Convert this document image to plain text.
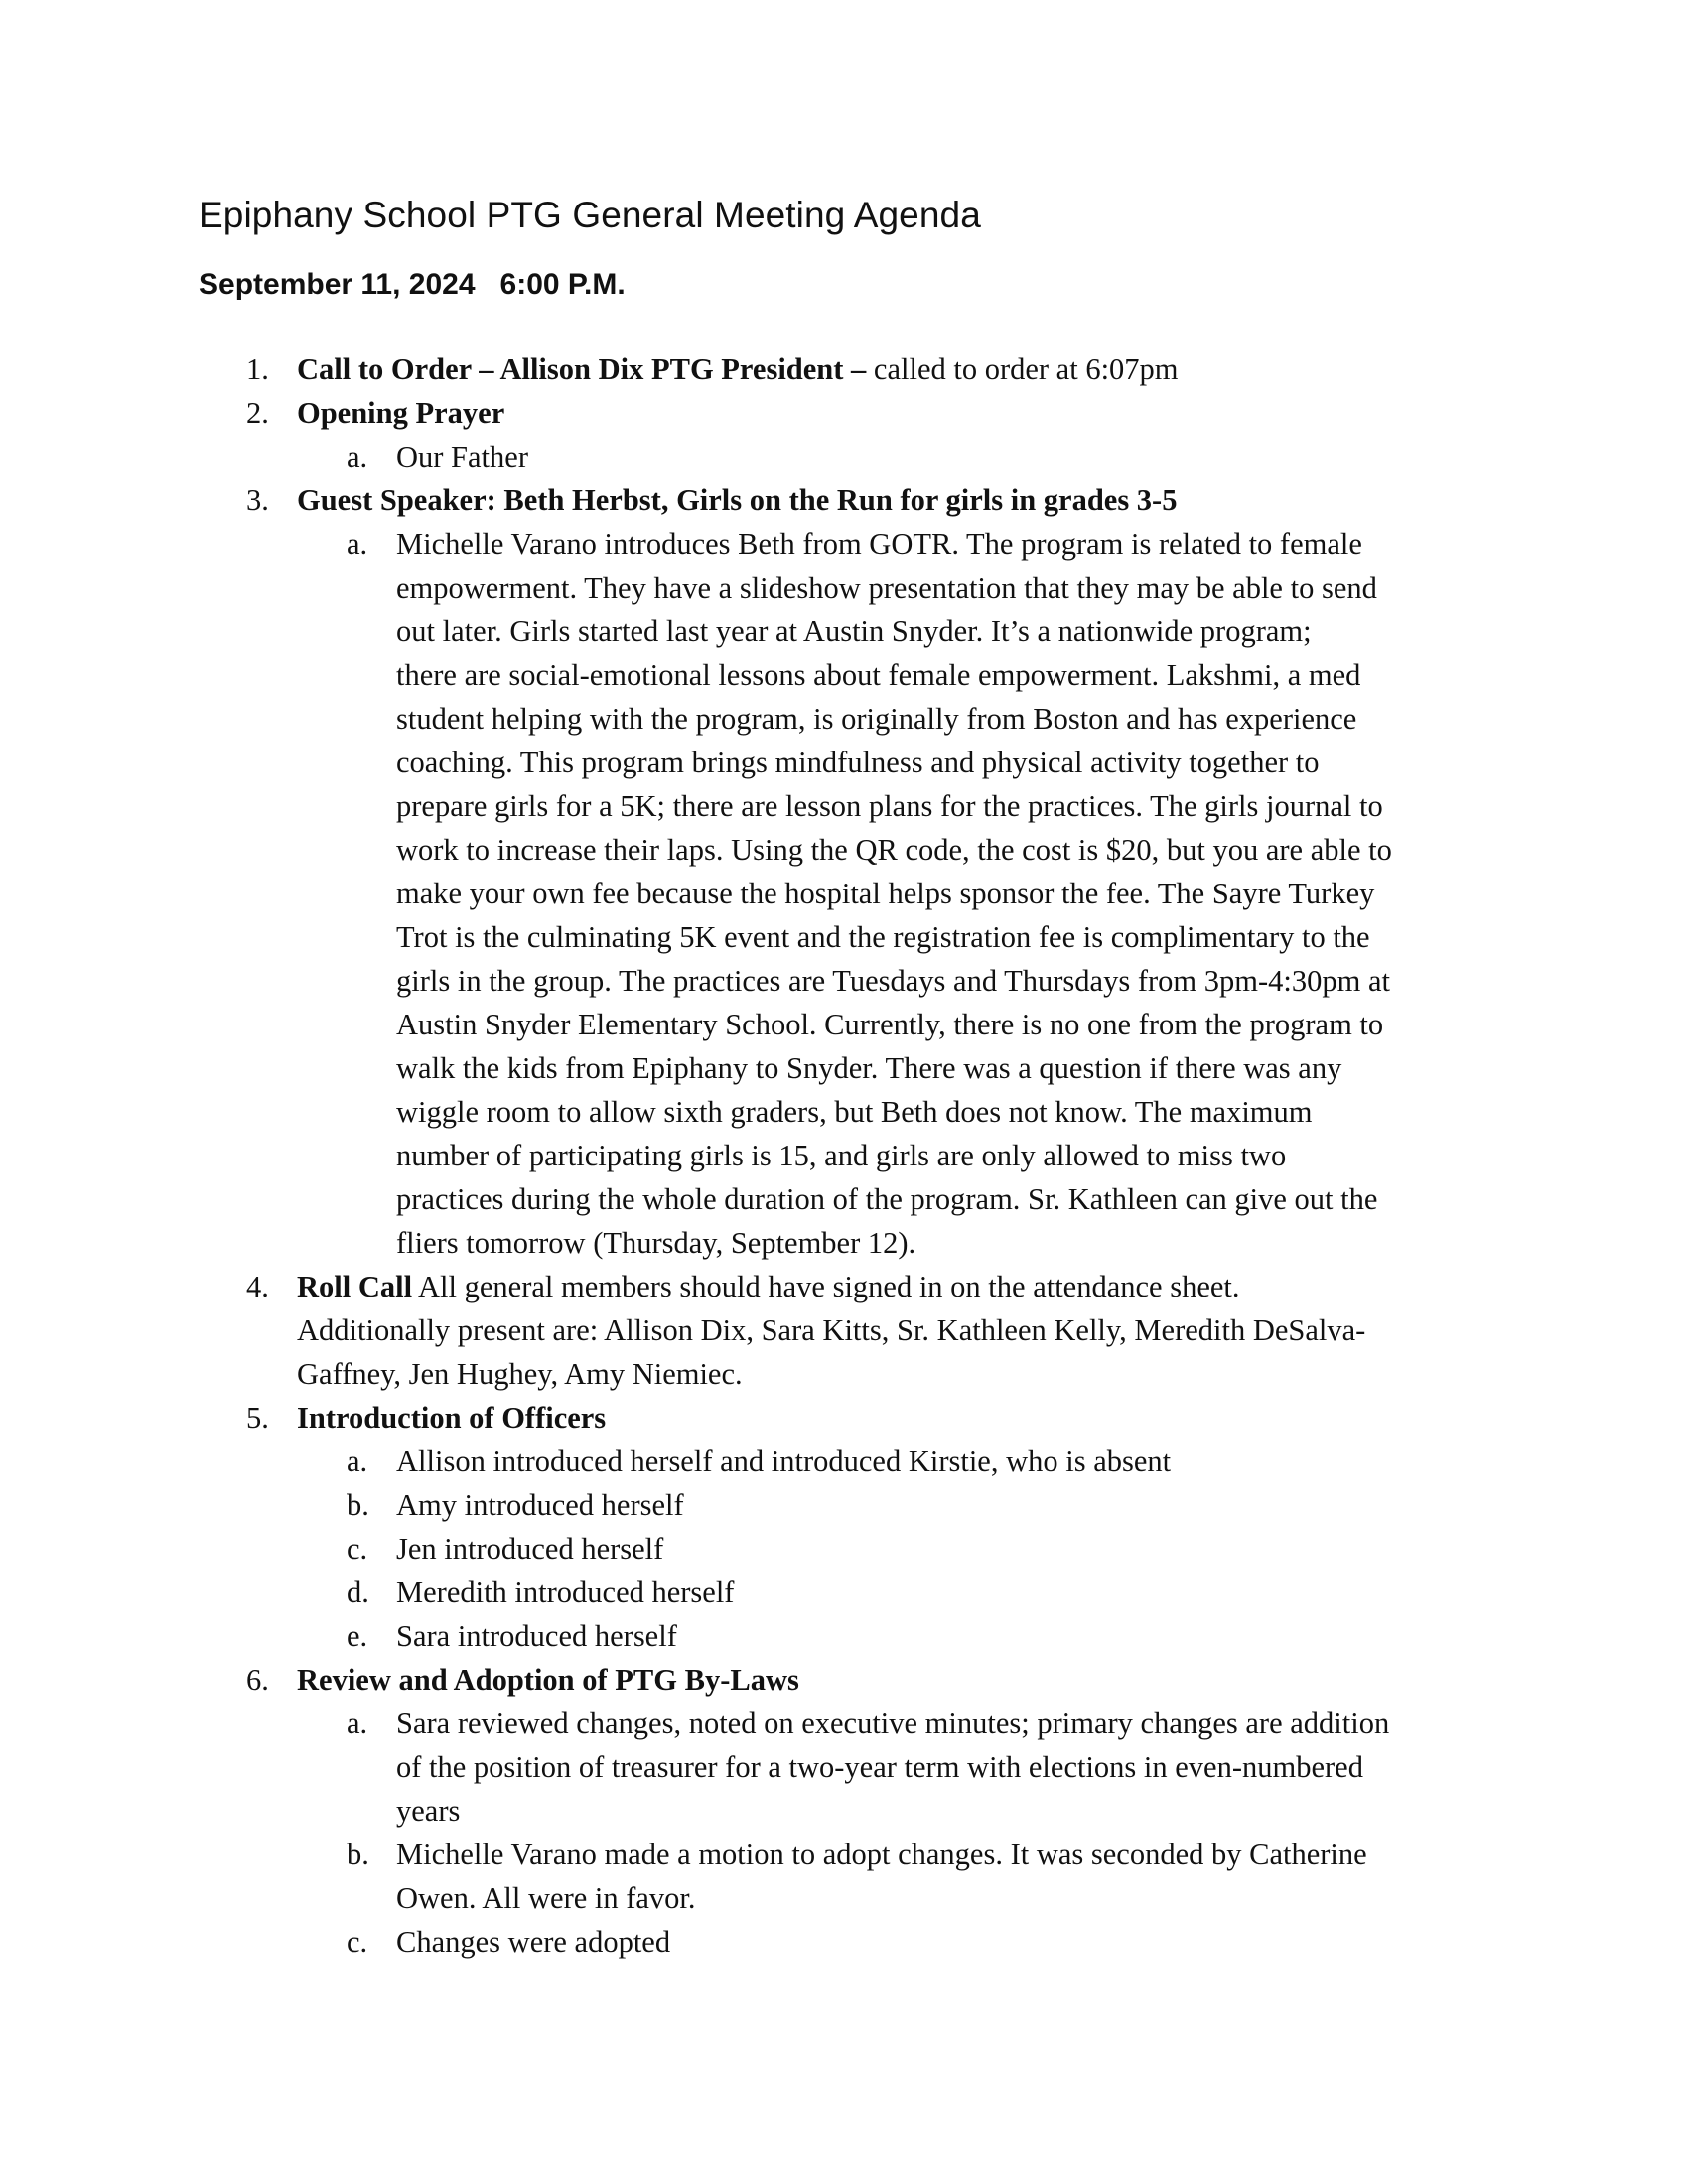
Epiphany School PTG General Meeting Agenda
September 11, 2024   6:00 P.M.
1. Call to Order – Allison Dix PTG President – called to order at 6:07pm
2. Opening Prayer
a. Our Father
3. Guest Speaker: Beth Herbst, Girls on the Run for girls in grades 3-5
a. Michelle Varano introduces Beth from GOTR. The program is related to female
empowerment. They have a slideshow presentation that they may be able to send
out later. Girls started last year at Austin Snyder. It’s a nationwide program;
there are social-emotional lessons about female empowerment. Lakshmi, a med
student helping with the program, is originally from Boston and has experience
coaching. This program brings mindfulness and physical activity together to
prepare girls for a 5K; there are lesson plans for the practices. The girls journal to
work to increase their laps. Using the QR code, the cost is $20, but you are able to
make your own fee because the hospital helps sponsor the fee. The Sayre Turkey
Trot is the culminating 5K event and the registration fee is complimentary to the
girls in the group. The practices are Tuesdays and Thursdays from 3pm-4:30pm at
Austin Snyder Elementary School. Currently, there is no one from the program to
walk the kids from Epiphany to Snyder. There was a question if there was any
wiggle room to allow sixth graders, but Beth does not know. The maximum
number of participating girls is 15, and girls are only allowed to miss two
practices during the whole duration of the program. Sr. Kathleen can give out the
fliers tomorrow (Thursday, September 12).
4. Roll Call All general members should have signed in on the attendance sheet.
Additionally present are: Allison Dix, Sara Kitts, Sr. Kathleen Kelly, Meredith DeSalva-
Gaffney, Jen Hughey, Amy Niemiec.
5. Introduction of Officers
a. Allison introduced herself and introduced Kirstie, who is absent
b. Amy introduced herself
c. Jen introduced herself
d. Meredith introduced herself
e. Sara introduced herself
6. Review and Adoption of PTG By-Laws
a. Sara reviewed changes, noted on executive minutes; primary changes are addition
of the position of treasurer for a two-year term with elections in even-numbered
years
b. Michelle Varano made a motion to adopt changes. It was seconded by Catherine
Owen. All were in favor.
c. Changes were adopted
